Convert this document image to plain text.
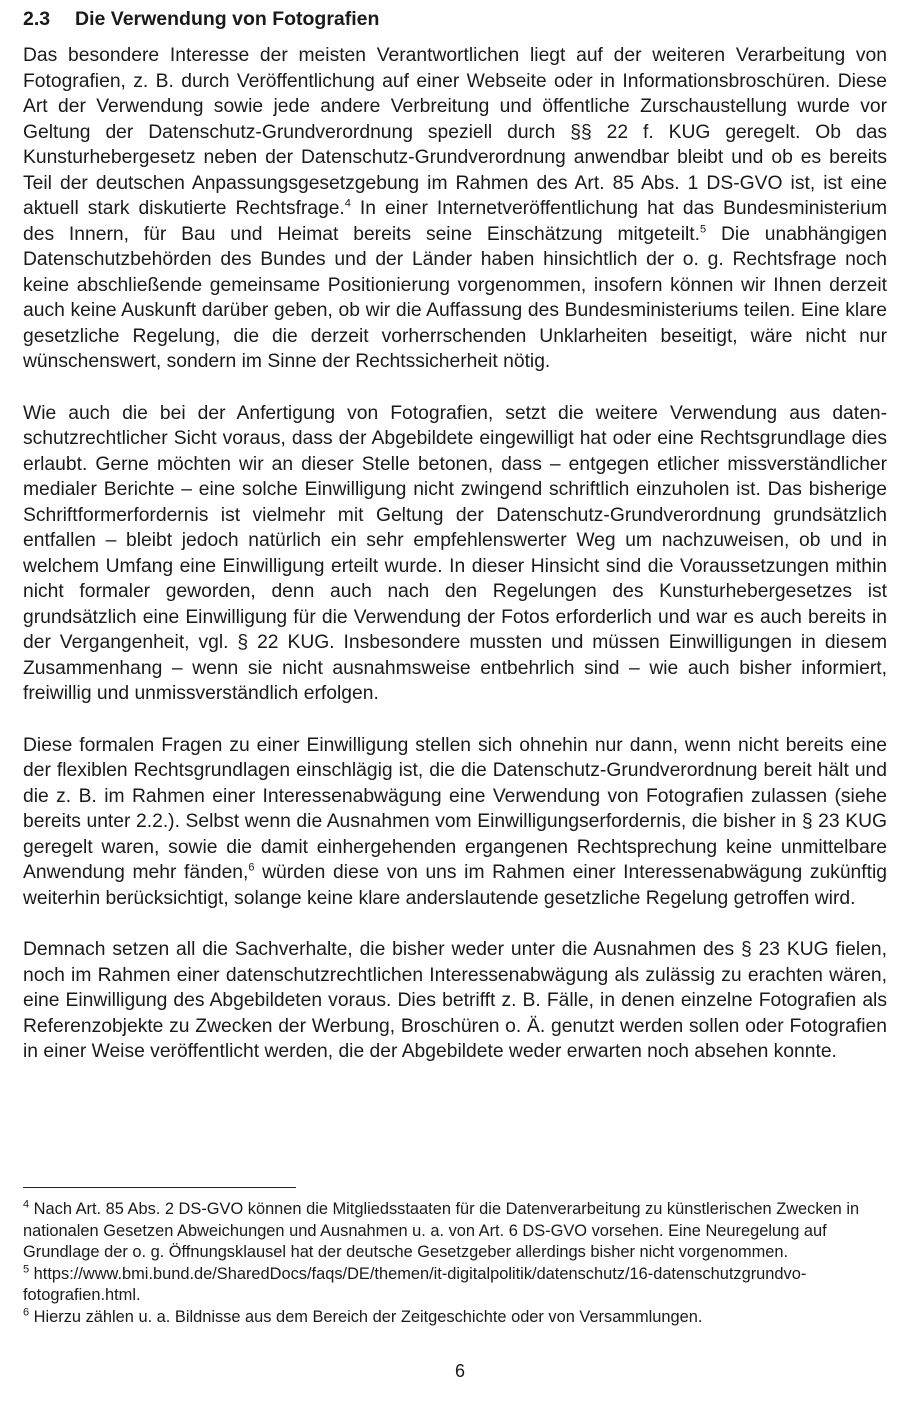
2.3 Die Verwendung von Fotografien

Das besondere Interesse der meisten Verantwortlichen liegt auf der weiteren Verarbeitung von Fotografien, z. B. durch Veröffentlichung auf einer Webseite oder in Informationsbroschüren. Diese Art der Verwendung sowie jede andere Verbreitung und öffentliche Zurschaustellung wurde vor Geltung der Datenschutz-Grundverordnung speziell durch §§ 22 f. KUG geregelt. Ob das Kunsturhebergesetz neben der Datenschutz-Grundverordnung anwendbar bleibt und ob es bereits Teil der deutschen Anpassungsgesetzgebung im Rahmen des Art. 85 Abs. 1 DS-GVO ist, ist eine aktuell stark diskutierte Rechtsfrage.$^4$ In einer Internetveröffentlichung hat das Bundesministerium des Innern, für Bau und Heimat bereits seine Einschätzung mitgeteilt.$^5$ Die unabhängigen Datenschutzbehörden des Bundes und der Länder haben hinsichtlich der o. g. Rechtsfrage noch keine abschließende gemeinsame Positionierung vorgenommen, insofern können wir Ihnen derzeit auch keine Auskunft darüber geben, ob wir die Auffassung des Bundesministeriums teilen. Eine klare gesetzliche Regelung, die die derzeit vorherrschenden Unklarheiten beseitigt, wäre nicht nur wünschenswert, sondern im Sinne der Rechtssicherheit nötig.

Wie auch die bei der Anfertigung von Fotografien, setzt die weitere Verwendung aus datenschutzrechtlicher Sicht voraus, dass der Abgebildete eingewilligt hat oder eine Rechtsgrundlage dies erlaubt. Gerne möchten wir an dieser Stelle betonen, dass – entgegen etlicher missverständlicher medialer Berichte – eine solche Einwilligung nicht zwingend schriftlich einzuholen ist. Das bisherige Schriftformerfordernis ist vielmehr mit Geltung der Datenschutz-Grundverordnung grundsätzlich entfallen – bleibt jedoch natürlich ein sehr empfehlenswerter Weg um nachzuweisen, ob und in welchem Umfang eine Einwilligung erteilt wurde. In dieser Hinsicht sind die Voraussetzungen mithin nicht formaler geworden, denn auch nach den Regelungen des Kunsturhebergesetzes ist grundsätzlich eine Einwilligung für die Verwendung der Fotos erforderlich und war es auch bereits in der Vergangenheit, vgl. § 22 KUG. Insbesondere mussten und müssen Einwilligungen in diesem Zusammenhang – wenn sie nicht ausnahmsweise entbehrlich sind – wie auch bisher informiert, freiwillig und unmissverständlich erfolgen.

Diese formalen Fragen zu einer Einwilligung stellen sich ohnehin nur dann, wenn nicht bereits eine der flexiblen Rechtsgrundlagen einschlägig ist, die die Datenschutz-Grundverordnung bereit hält und die z. B. im Rahmen einer Interessenabwägung eine Verwendung von Fotografien zulassen (siehe bereits unter 2.2.). Selbst wenn die Ausnahmen vom Einwilligungserfordernis, die bisher in § 23 KUG geregelt waren, sowie die damit einhergehenden ergangenen Rechtsprechung keine unmittelbare Anwendung mehr fänden,$^6$ würden diese von uns im Rahmen einer Interessenabwägung zukünftig weiterhin berücksichtigt, solange keine klare anderslautende gesetzliche Regelung getroffen wird.

Demnach setzen all die Sachverhalte, die bisher weder unter die Ausnahmen des § 23 KUG fielen, noch im Rahmen einer datenschutzrechtlichen Interessenabwägung als zulässig zu erachten wären, eine Einwilligung des Abgebildeten voraus. Dies betrifft z. B. Fälle, in denen einzelne Fotografien als Referenzobjekte zu Zwecken der Werbung, Broschüren o. Ä. genutzt werden sollen oder Fotografien in einer Weise veröffentlicht werden, die der Abgebildete weder erwarten noch absehen konnte.

$^4$ Nach Art. 85 Abs. 2 DS-GVO können die Mitgliedsstaaten für die Datenverarbeitung zu künstlerischen Zwecken in nationalen Gesetzen Abweichungen und Ausnahmen u. a. von Art. 6 DS-GVO vorsehen. Eine Neuregelung auf Grundlage der o. g. Öffnungsklausel hat der deutsche Gesetzgeber allerdings bisher nicht vorgenommen.

$^5$ https://www.bmi.bund.de/SharedDocs/faqs/DE/themen/it-digitalpolitik/datenschutz/16-datenschutzgrundvo-fotografien.html.

$^6$ Hierzu zählen u. a. Bildnisse aus dem Bereich der Zeitgeschichte oder von Versammlungen.

6
